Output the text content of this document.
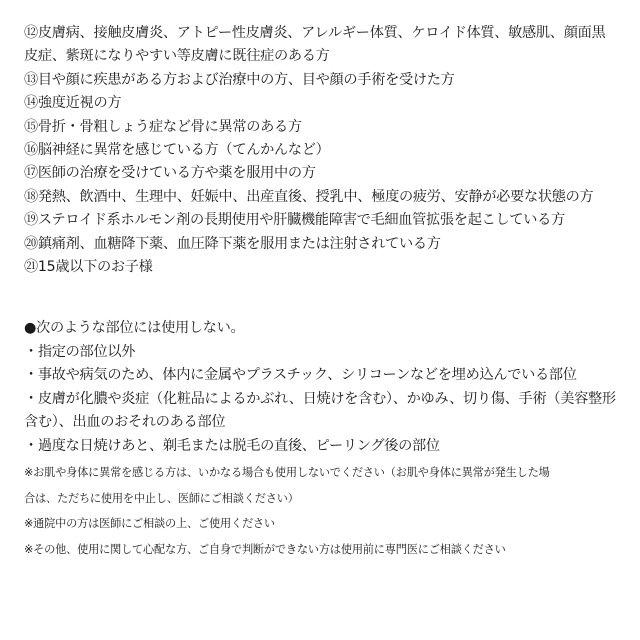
⑫皮膚病、接触皮膚炎、アトピー性皮膚炎、アレルギー体質、ケロイド体質、敏感肌、顔面黒
皮症、紫斑になりやすい等皮膚に既往症のある方
⑬目や顔に疾患がある方および治療中の方、目や顔の手術を受けた方
⑭強度近視の方
⑮骨折・骨粗しょう症など骨に異常のある方
⑯脳神経に異常を感じている方（てんかんなど）
⑰医師の治療を受けている方や薬を服用中の方
⑱発熱、飲酒中、生理中、妊娠中、出産直後、授乳中、極度の疲労、安静が必要な状態の方
⑲ステロイド系ホルモン剤の長期使用や肝臓機能障害で毛細血管拡張を起こしている方
⑳鎮痛剤、血糖降下薬、血圧降下薬を服用または注射されている方
㉑15歳以下のお子様
●次のような部位には使用しない。
・指定の部位以外
・事故や病気のため、体内に金属やプラスチック、シリコーンなどを埋め込んでいる部位
・皮膚が化膿や炎症（化粧品によるかぶれ、日焼けを含む）、かゆみ、切り傷、手術（美容整形
含む）、出血のおそれのある部位
・過度な日焼けあと、剃毛または脱毛の直後、ピーリング後の部位
※お肌や身体に異常を感じる方は、いかなる場合も使用しないでください（お肌や身体に異常が発生した場
合は、ただちに使用を中止し、医師にご相談ください）
※通院中の方は医師にご相談の上、ご使用ください
※その他、使用に関して心配な方、ご自身で判断ができない方は使用前に専門医にご相談ください
